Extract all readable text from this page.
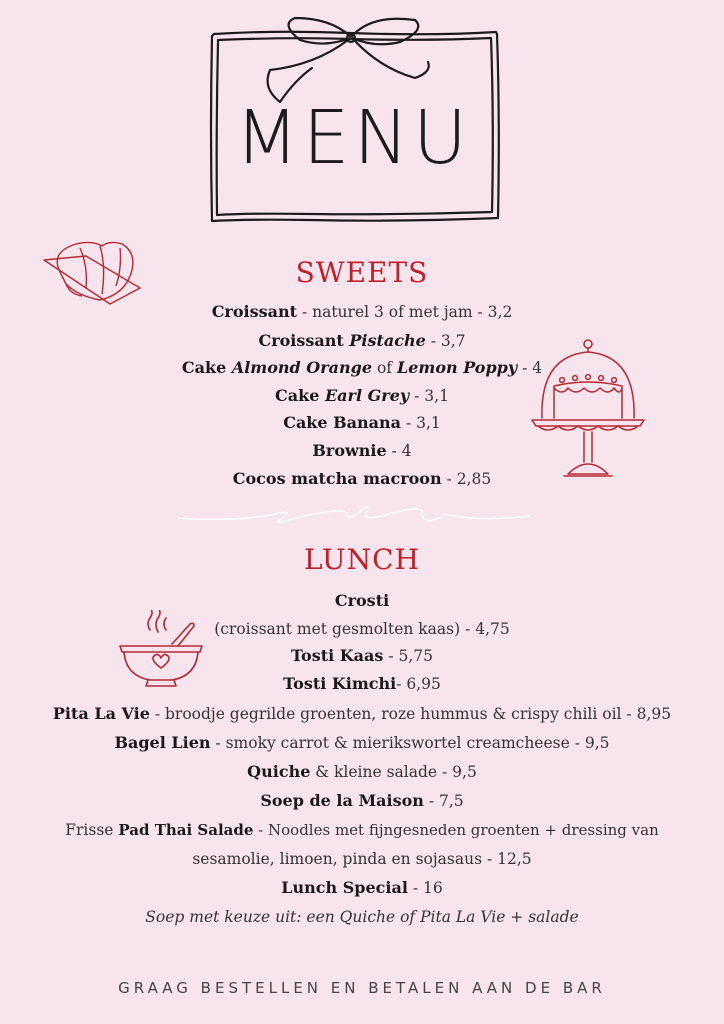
MENU
SWEETS
Croissant - naturel 3 of met jam - 3,2
Croissant Pistache - 3,7
Cake Almond Orange of Lemon Poppy - 4
Cake Earl Grey - 3,1
Cake Banana - 3,1
Brownie - 4
Cocos matcha macroon - 2,85
LUNCH
Crosti
(croissant met gesmolten kaas) - 4,75
Tosti Kaas - 5,75
Tosti Kimchi- 6,95
Pita La Vie - broodje gegrilde groenten, roze hummus & crispy chili oil - 8,95
Bagel Lien - smoky carrot & mierikswortel creamcheese - 9,5
Quiche & kleine salade - 9,5
Soep de la Maison - 7,5
Frisse Pad Thai Salade - Noodles met fijngesneden groenten + dressing van
sesamolie, limoen, pinda en sojasaus - 12,5
Lunch Special - 16
Soep met keuze uit: een Quiche of Pita La Vie + salade
GRAAG BESTELLEN EN BETALEN AAN DE BAR
